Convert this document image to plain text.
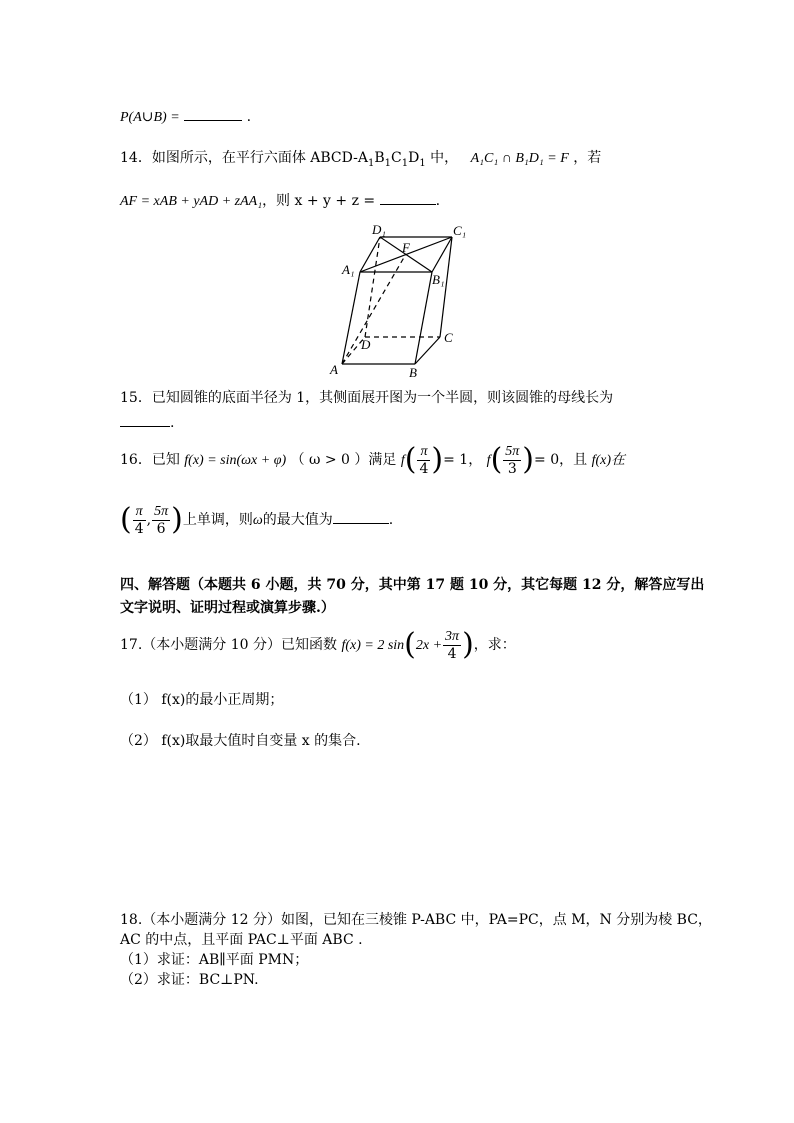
P(A∪B) =	.
14．如图所示，在平行六面体 ABCD-$A_1B_1C_1D_1$ 中， A₁C₁ ∩ B₁D₁ = F ，若
AF = xAB + yAD + zAA₁，则 x + y + z =	.
D₁	C₁
A₁
B₁
F
D	C
A	B
15．已知圆锥的底面半径为 1，其侧面展开图为一个半圆，则该圆锥的母线长为
.
16．已知 f(x) = sin(ωx + φ) （ ω > 0 ）满足 $f( \frac{\pi}{4}$ )= 1， $f( \frac{5\pi}{3}$ )= 0，且 f(x)在
( $\frac{\pi}{4}$ , $\frac{5\pi}{6}$ )上单调，则ω的最大值为	.
四、解答题（本题共 6 小题，共 70 分，其中第 17 题 10 分，其它每题 12 分，解答应写出
文字说明、证明过程或演算步骤.）
17.（本小题满分 10 分）已知函数 f(x) = 2 $\sin(2x + \frac{3\pi}{4}$ )，求：
（1） f(x)的最小正周期；
（2） f(x)取最大值时自变量 x 的集合.
18.（本小题满分 12 分）如图，已知在三棱锥 P-ABC 中，PA=PC，点 M，N 分别为棱 BC，
AC 的中点，且平面 PAC⊥平面 ABC .
（1）求证：AB∥平面 PMN；
（2）求证：BC⊥PN.
